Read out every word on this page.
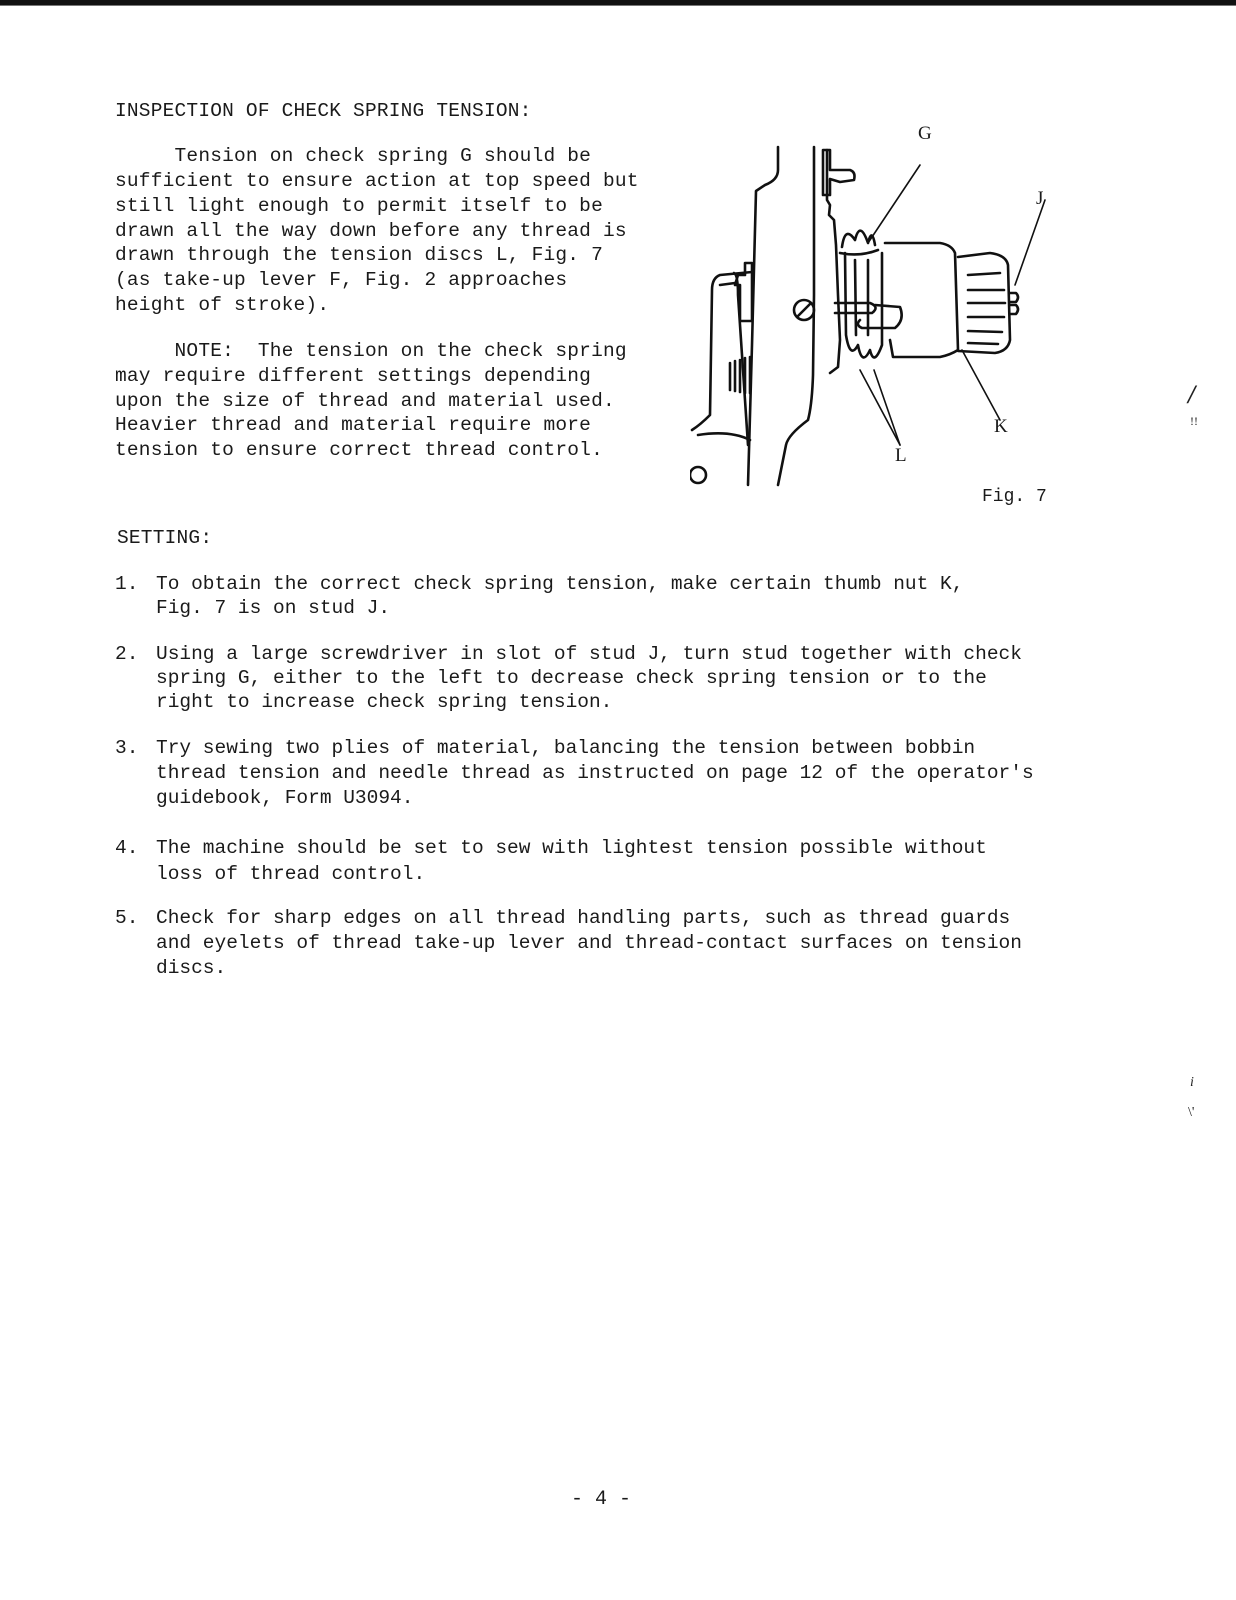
INSPECTION OF CHECK SPRING TENSION:
Tension on check spring G should be
sufficient to ensure action at top speed but
still light enough to permit itself to be
drawn all the way down before any thread is
drawn through the tension discs L, Fig. 7
(as take-up lever F, Fig. 2 approaches
height of stroke).
NOTE:  The tension on the check spring
may require different settings depending
upon the size of thread and material used.
Heavier thread and material require more
tension to ensure correct thread control.
G
J
K
L
Fig. 7
SETTING:
1. To obtain the correct check spring tension, make certain thumb nut K,
Fig. 7 is on stud J.
2. Using a large screwdriver in slot of stud J, turn stud together with check
spring G, either to the left to decrease check spring tension or to the
right to increase check spring tension.
3. Try sewing two plies of material, balancing the tension between bobbin
thread tension and needle thread as instructed on page 12 of the operator's
guidebook, Form U3094.
4. The machine should be set to sew with lightest tension possible without
loss of thread control.
5. Check for sharp edges on all thread handling parts, such as thread guards
and eyelets of thread take-up lever and thread-contact surfaces on tension
discs.
/
!!
i
\'
- 4 -
